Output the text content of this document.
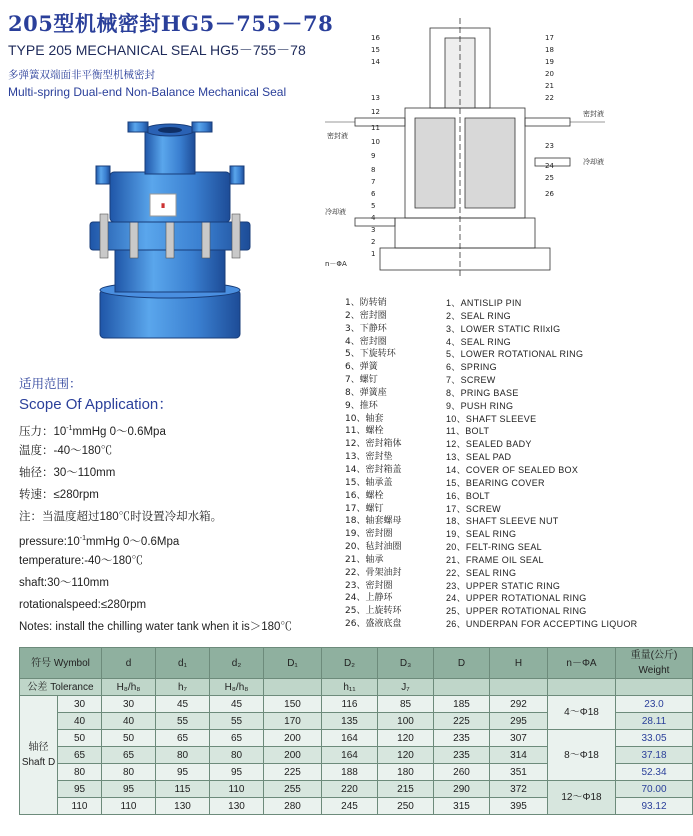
205型机械密封HG5－755－78
TYPE 205 MECHANICAL SEAL HG5－755－78
多弹簧双端面非平衡型机械密封
Multi-spring Dual-end Non-Balance Mechanical Seal
█
16
15
14
13
12
11
10
9
8
7
6
5
4
3
2
1
17
18
19
20
21
22
23
24
25
26
n－ΦA
冷却液
密封液
冷却液
密封液
1、防转销
2、密封圈
3、下静环
4、密封圈
5、下旋转环
6、弹簧
7、螺钉
8、弹簧座
9、推环
10、轴套
11、螺栓
12、密封箱体
13、密封垫
14、密封箱盖
15、轴承盖
16、螺栓
17、螺钉
18、轴套螺母
19、密封圈
20、毡封油圈
21、轴承
22、骨架油封
23、密封圈
24、上静环
25、上旋转环
26、盛液底盘
1、ANTISLIP PIN
2、SEAL RING
3、LOWER STATIC RIIxIG
4、SEAL RING
5、LOWER ROTATIONAL RING
6、SPRING
7、SCREW
8、PRING BASE
9、PUSH RING
10、SHAFT SLEEVE
11、BOLT
12、SEALED BADY
13、SEAL PAD
14、COVER OF SEALED BOX
15、BEARING COVER
16、BOLT
17、SCREW
18、SHAFT SLEEVE NUT
19、SEAL RING
20、FELT-RING SEAL
21、FRAME OIL SEAL
22、SEAL RING
23、UPPER STATIC RING
24、UPPER ROTATIONAL RING
25、UPPER ROTATIONAL RING
26、UNDERPAN FOR ACCEPTING LIQUOR
适用范围：
Scope Of Application：
压力：$10^{-1}mmHg$ 0～0.6Mpa
温度：-40～180℃
轴径：30～110mm
转速：≤280rpm
注：当温度超过180℃时设置冷却水箱。
$pressure:10^{-1}mmHg$ 0～0.6Mpa
temperature:-40～180℃
shaft:30～110mm
rotationalspeed:≤280rpm
Notes: install the chilling water tank when it is＞180℃
符号 Wymbol		d	d₁	d₂	D₁	D₂	D₃	D	H	n－ΦA	重量(公斤)
Weight
公差 Tolerance		H₈/h₈	h₇	H₈/h₈		h₁₁	J₇				
轴径
Shaft D	30	30	45	45	150	116	85	185	292	4～Φ18	23.0
	40	40	55	55	170	135	100	225	295		28.11
	50	50	65	65	200	164	120	235	307	8～Φ18	33.05
	65	65	80	80	200	164	120	235	314		37.18
	80	80	95	95	225	188	180	260	351		52.34
	95	95	115	110	255	220	215	290	372	12～Φ18	70.00
	110	110	130	130	280	245	250	315	395		93.12
